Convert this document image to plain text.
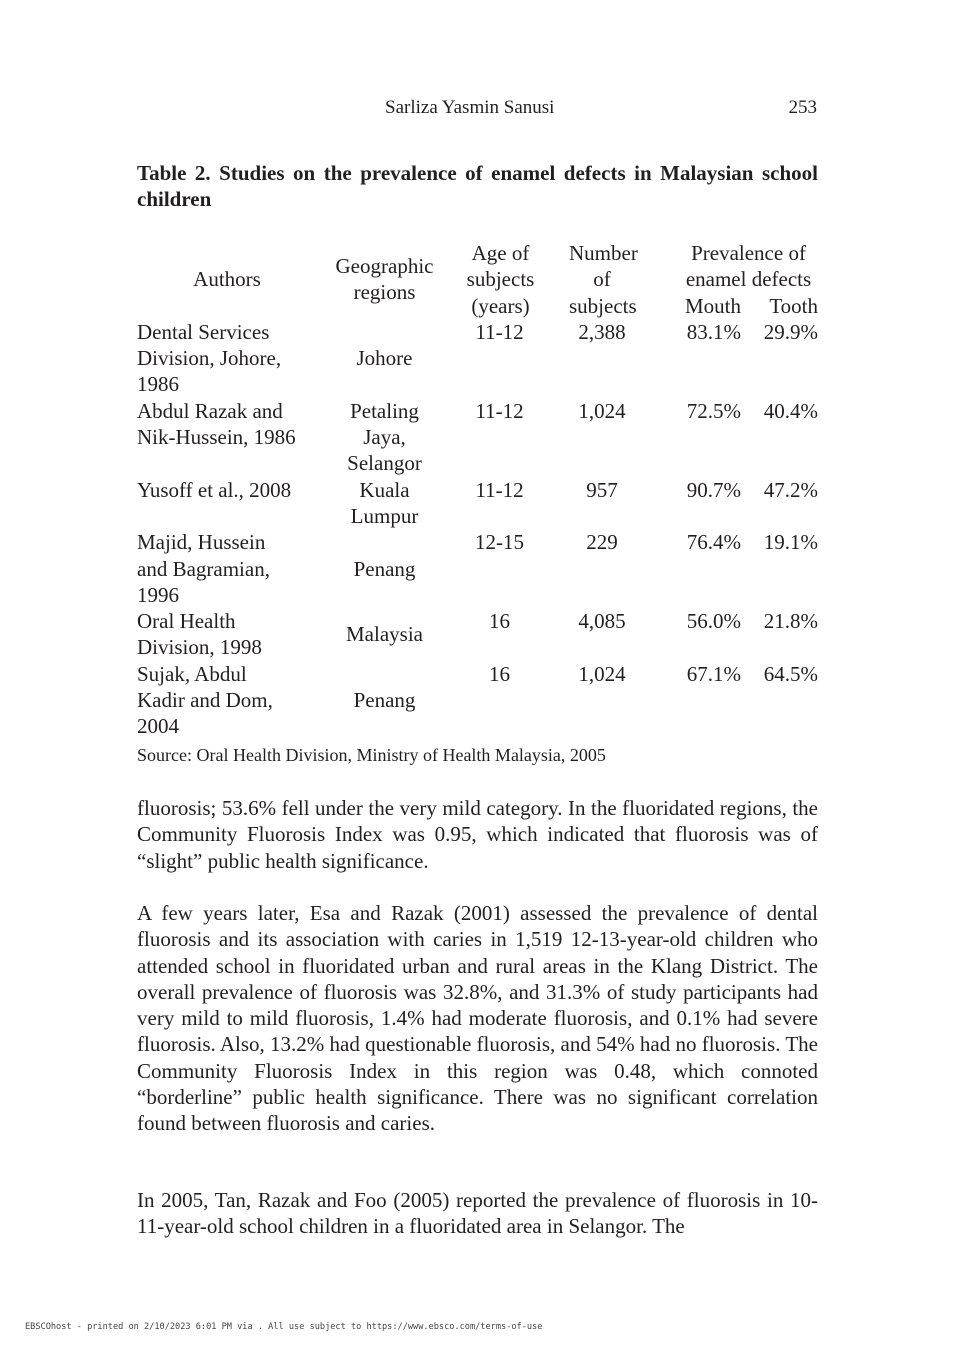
Sarliza Yasmin Sanusi	253
Table 2. Studies on the prevalence of enamel defects in Malaysian school children
Authors	Geographic regions	Age of subjects (years)	Number of subjects	Prevalence of enamel defects	
				Mouth	Tooth
Dental Services Division, Johore, 1986	Johore	11-12	2,388	83.1%	29.9%
Abdul Razak and Nik-Hussein, 1986	Petaling Jaya, Selangor	11-12	1,024	72.5%	40.4%
Yusoff et al., 2008	Kuala Lumpur	11-12	957	90.7%	47.2%
Majid, Hussein and Bagramian, 1996	Penang	12-15	229	76.4%	19.1%
Oral Health Division, 1998	Malaysia	16	4,085	56.0%	21.8%
Sujak, Abdul Kadir and Dom, 2004	Penang	16	1,024	67.1%	64.5%
Source: Oral Health Division, Ministry of Health Malaysia, 2005

fluorosis; 53.6% fell under the very mild category. In the fluoridated regions, the Community Fluorosis Index was 0.95, which indicated that fluorosis was of “slight” public health significance.

A few years later, Esa and Razak (2001) assessed the prevalence of dental fluorosis and its association with caries in 1,519 12-13-year-old children who attended school in fluoridated urban and rural areas in the Klang District. The overall prevalence of fluorosis was 32.8%, and 31.3% of study participants had very mild to mild fluorosis, 1.4% had moderate fluorosis, and 0.1% had severe fluorosis. Also, 13.2% had questionable fluorosis, and 54% had no fluorosis. The Community Fluorosis Index in this region was 0.48, which connoted “borderline” public health significance. There was no significant correlation found between fluorosis and caries.

In 2005, Tan, Razak and Foo (2005) reported the prevalence of fluorosis in 10-11-year-old school children in a fluoridated area in Selangor. The

EBSCOhost - printed on 2/10/2023 6:01 PM via . All use subject to https://www.ebsco.com/terms-of-use
